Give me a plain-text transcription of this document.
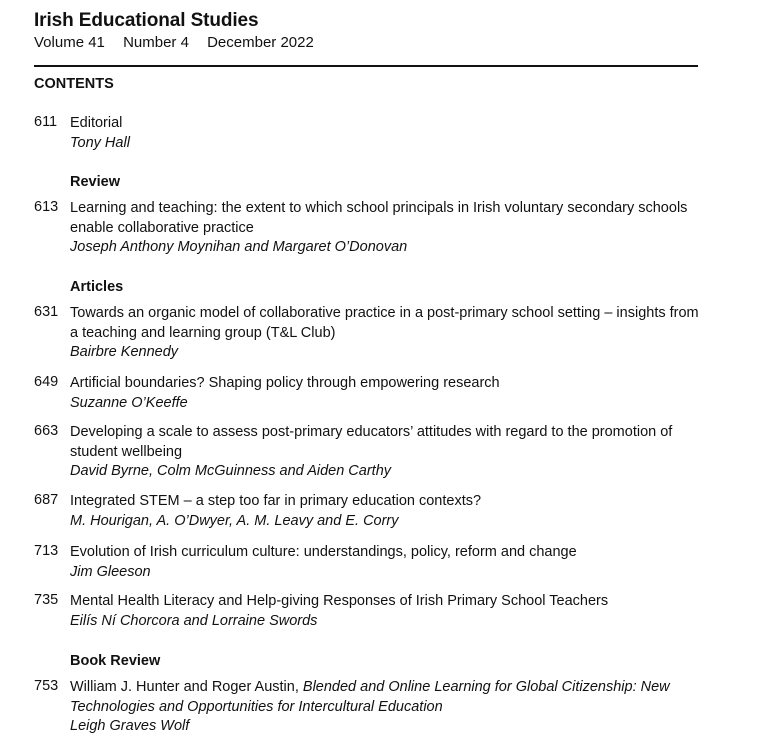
Irish Educational Studies
Volume 41 Number 4 December 2022
CONTENTS
611 Editorial
Tony Hall
Review
613 Learning and teaching: the extent to which school principals in Irish voluntary secondary schools enable collaborative practice
Joseph Anthony Moynihan and Margaret O’Donovan
Articles
631 Towards an organic model of collaborative practice in a post-primary school setting – insights from a teaching and learning group (T&L Club)
Bairbre Kennedy
649 Artificial boundaries? Shaping policy through empowering research
Suzanne O’Keeffe
663 Developing a scale to assess post-primary educators’ attitudes with regard to the promotion of student wellbeing
David Byrne, Colm McGuinness and Aiden Carthy
687 Integrated STEM – a step too far in primary education contexts?
M. Hourigan, A. O’Dwyer, A. M. Leavy and E. Corry
713 Evolution of Irish curriculum culture: understandings, policy, reform and change
Jim Gleeson
735 Mental Health Literacy and Help-giving Responses of Irish Primary School Teachers
Eilís Ní Chorcora and Lorraine Swords
Book Review
753 William J. Hunter and Roger Austin, Blended and Online Learning for Global Citizenship: New Technologies and Opportunities for Intercultural Education
Leigh Graves Wolf
